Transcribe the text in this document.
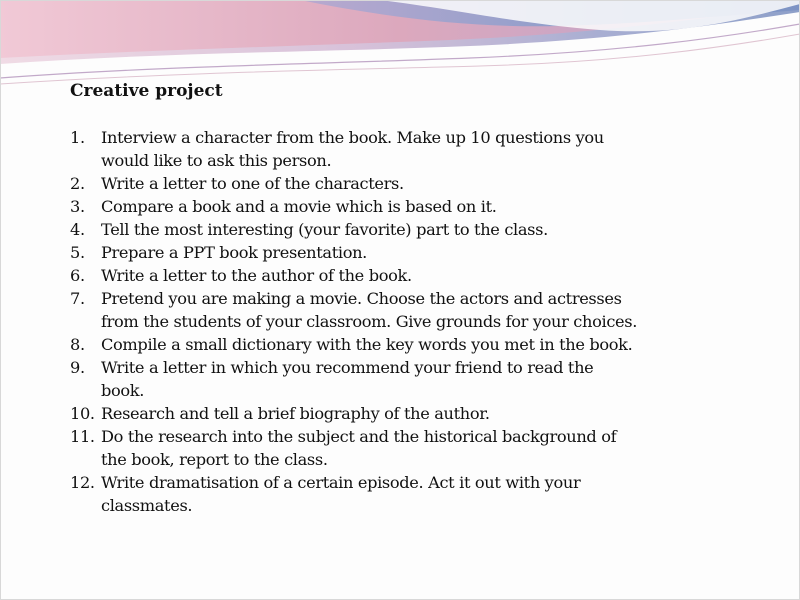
Creative project
1. Interview a character from the book. Make up 10 questions you
would like to ask this person.
2. Write a letter to one of the characters.
3. Compare a book and a movie which is based on it.
4. Tell the most interesting (your favorite) part to the class.
5. Prepare a PPT book presentation.
6. Write a letter to the author of the book.
7. Pretend you are making a movie. Choose the actors and actresses
from the students of your classroom. Give grounds for your choices.
8. Compile a small dictionary with the key words you met in the book.
9. Write a letter in which you recommend your friend to read the
book.
10. Research and tell a brief biography of the author.
11. Do the research into the subject and the historical background of
the book, report to the class.
12. Write dramatisation of a certain episode. Act it out with your
classmates.
